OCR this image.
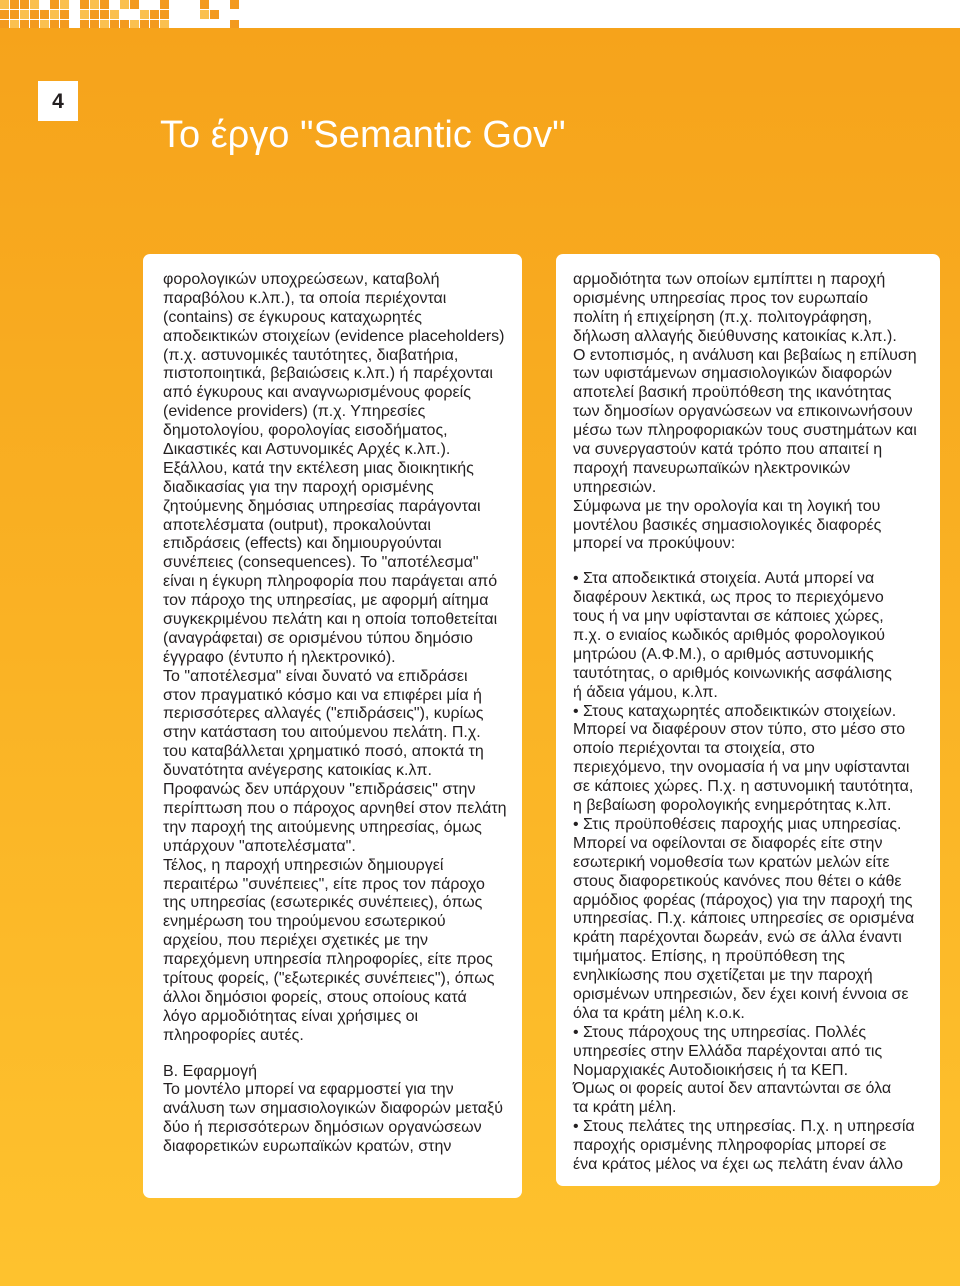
4
Το έργο "Semantic Gov"
φορολογικών υποχρεώσεων, καταβολή
παραβόλου κ.λπ.), τα οποία περιέχονται
(contains) σε έγκυρους καταχωρητές
αποδεικτικών στοιχείων (evidence placeholders)
(π.χ. αστυνομικές ταυτότητες, διαβατήρια,
πιστοποιητικά, βεβαιώσεις κ.λπ.) ή παρέχονται
από έγκυρους και αναγνωρισμένους φορείς
(evidence providers) (π.χ. Υπηρεσίες
δημοτολογίου, φορολογίας εισοδήματος,
Δικαστικές και Αστυνομικές Αρχές κ.λπ.).
Εξάλλου, κατά την εκτέλεση μιας διοικητικής
διαδικασίας για την παροχή ορισμένης
ζητούμενης δημόσιας υπηρεσίας παράγονται
αποτελέσματα (output), προκαλούνται
επιδράσεις (effects) και δημιουργούνται
συνέπειες (consequences). Το "αποτέλεσμα"
είναι η έγκυρη πληροφορία που παράγεται από
τον πάροχο της υπηρεσίας, με αφορμή αίτημα
συγκεκριμένου πελάτη και η οποία τοποθετείται
(αναγράφεται) σε ορισμένου τύπου δημόσιο
έγγραφο (έντυπο ή ηλεκτρονικό).
Το "αποτέλεσμα" είναι δυνατό να επιδράσει
στον πραγματικό κόσμο και να επιφέρει μία ή
περισσότερες αλλαγές ("επιδράσεις"), κυρίως
στην κατάσταση του αιτούμενου πελάτη. Π.χ.
του καταβάλλεται χρηματικό ποσό, αποκτά τη
δυνατότητα ανέγερσης κατοικίας κ.λπ.
Προφανώς δεν υπάρχουν "επιδράσεις" στην
περίπτωση που ο πάροχος αρνηθεί στον πελάτη
την παροχή της αιτούμενης υπηρεσίας, όμως
υπάρχουν "αποτελέσματα".
Τέλος, η παροχή υπηρεσιών δημιουργεί
περαιτέρω "συνέπειες", είτε προς τον πάροχο
της υπηρεσίας (εσωτερικές συνέπειες), όπως
ενημέρωση του τηρούμενου εσωτερικού
αρχείου, που περιέχει σχετικές με την
παρεχόμενη υπηρεσία πληροφορίες, είτε προς
τρίτους φορείς, ("εξωτερικές συνέπειες"), όπως
άλλοι δημόσιοι φορείς, στους οποίους κατά
λόγο αρμοδιότητας είναι χρήσιμες οι
πληροφορίες αυτές.
Β. Εφαρμογή
Το μοντέλο μπορεί να εφαρμοστεί για την
ανάλυση των σημασιολογικών διαφορών μεταξύ
δύο ή περισσότερων δημόσιων οργανώσεων
διαφορετικών ευρωπαϊκών κρατών, στην
αρμοδιότητα των οποίων εμπίπτει η παροχή
ορισμένης υπηρεσίας προς τον ευρωπαίο
πολίτη ή επιχείρηση (π.χ. πολιτογράφηση,
δήλωση αλλαγής διεύθυνσης κατοικίας κ.λπ.).
Ο εντοπισμός, η ανάλυση και βεβαίως η επίλυση
των υφιστάμενων σημασιολογικών διαφορών
αποτελεί βασική προϋπόθεση της ικανότητας
των δημοσίων οργανώσεων να επικοινωνήσουν
μέσω των πληροφοριακών τους συστημάτων και
να συνεργαστούν κατά τρόπο που απαιτεί η
παροχή πανευρωπαϊκών ηλεκτρονικών
υπηρεσιών.
Σύμφωνα με την ορολογία και τη λογική του
μοντέλου βασικές σημασιολογικές διαφορές
μπορεί να προκύψουν:
• Στα αποδεικτικά στοιχεία. Αυτά μπορεί να
διαφέρουν λεκτικά, ως προς το περιεχόμενο
τους ή να μην υφίστανται σε κάποιες χώρες,
π.χ. ο ενιαίος κωδικός αριθμός φορολογικού
μητρώου (Α.Φ.Μ.), ο αριθμός αστυνομικής
ταυτότητας, ο αριθμός κοινωνικής ασφάλισης
ή άδεια γάμου, κ.λπ.
• Στους καταχωρητές αποδεικτικών στοιχείων.
Μπορεί να διαφέρουν στον τύπο, στο μέσο στο
οποίο περιέχονται τα στοιχεία, στο
περιεχόμενο, την ονομασία ή να μην υφίστανται
σε κάποιες χώρες. Π.χ. η αστυνομική ταυτότητα,
η βεβαίωση φορολογικής ενημερότητας κ.λπ.
• Στις προϋποθέσεις παροχής μιας υπηρεσίας.
Μπορεί να οφείλονται σε διαφορές είτε στην
εσωτερική νομοθεσία των κρατών μελών είτε
στους διαφορετικούς κανόνες που θέτει ο κάθε
αρμόδιος φορέας (πάροχος) για την παροχή της
υπηρεσίας. Π.χ. κάποιες υπηρεσίες σε ορισμένα
κράτη παρέχονται δωρεάν, ενώ σε άλλα έναντι
τιμήματος. Επίσης, η προϋπόθεση της
ενηλικίωσης που σχετίζεται με την παροχή
ορισμένων υπηρεσιών, δεν έχει κοινή έννοια σε
όλα τα κράτη μέλη κ.ο.κ.
• Στους πάροχους της υπηρεσίας. Πολλές
υπηρεσίες στην Ελλάδα παρέχονται από τις
Νομαρχιακές Αυτοδιοικήσεις ή τα ΚΕΠ.
Όμως οι φορείς αυτοί δεν απαντώνται σε όλα
τα κράτη μέλη.
• Στους πελάτες της υπηρεσίας. Π.χ. η υπηρεσία
παροχής ορισμένης πληροφορίας μπορεί σε
ένα κράτος μέλος να έχει ως πελάτη έναν άλλο
